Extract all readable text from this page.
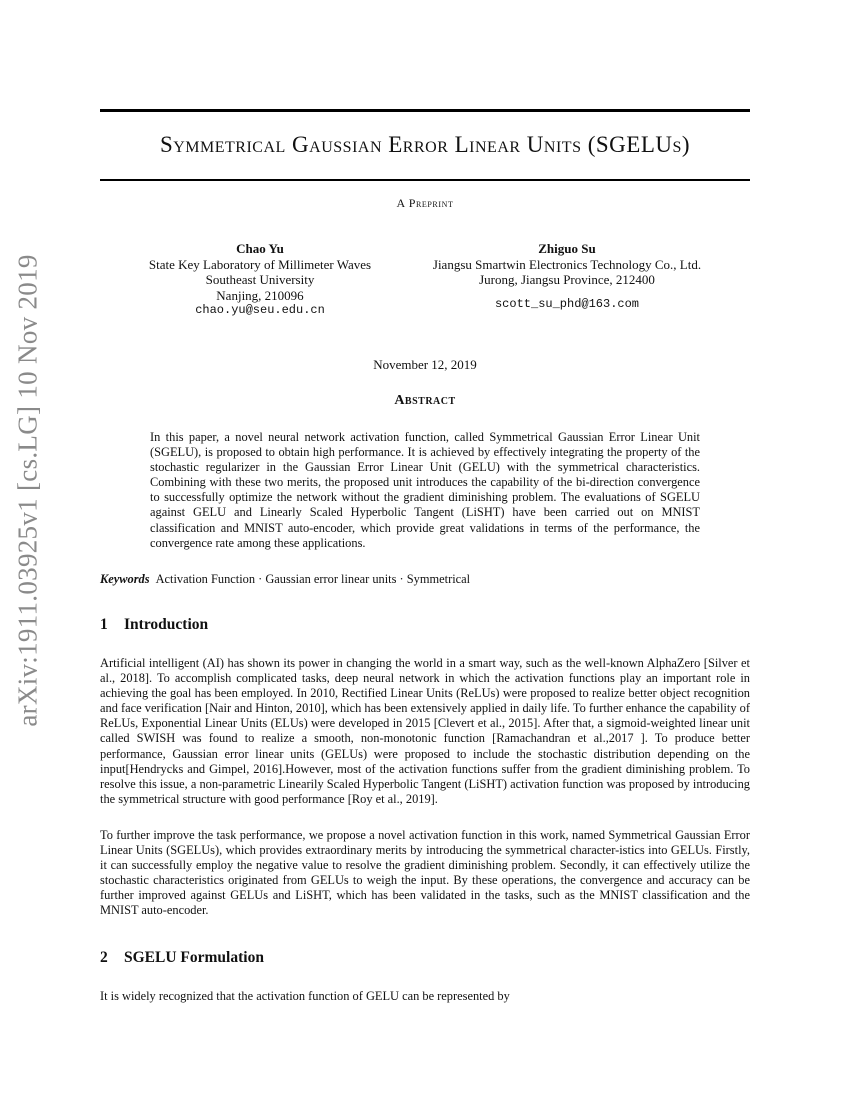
arXiv:1911.03925v1 [cs.LG] 10 Nov 2019
Symmetrical Gaussian Error Linear Units (SGELUs)
A Preprint
Chao Yu
State Key Laboratory of Millimeter Waves
Southeast University
Nanjing, 210096
chao.yu@seu.edu.cn
Zhiguo Su
Jiangsu Smartwin Electronics Technology Co., Ltd.
Jurong, Jiangsu Province, 212400
scott_su_phd@163.com
November 12, 2019
Abstract

In this paper, a novel neural network activation function, called Symmetrical Gaussian Error Linear Unit (SGELU), is proposed to obtain high performance. It is achieved by effectively integrating the property of the stochastic regularizer in the Gaussian Error Linear Unit (GELU) with the symmetrical characteristics. Combining with these two merits, the proposed unit introduces the capability of the bi-direction convergence to successfully optimize the network without the gradient diminishing problem. The evaluations of SGELU against GELU and Linearly Scaled Hyperbolic Tangent (LiSHT) have been carried out on MNIST classification and MNIST auto-encoder, which provide great validations in terms of the performance, the convergence rate among these applications.

Keywords Activation Function · Gaussian error linear units · Symmetrical
1 Introduction

Artificial intelligent (AI) has shown its power in changing the world in a smart way, such as the well-known AlphaZero [Silver et al., 2018]. To accomplish complicated tasks, deep neural network in which the activation functions play an important role in achieving the goal has been employed. In 2010, Rectified Linear Units (ReLUs) were proposed to realize better object recognition and face verification [Nair and Hinton, 2010], which has been extensively applied in daily life. To further enhance the capability of ReLUs, Exponential Linear Units (ELUs) were developed in 2015 [Clevert et al., 2015]. After that, a sigmoid-weighted linear unit called SWISH was found to realize a smooth, non-monotonic function [Ramachandran et al.,2017 ]. To produce better performance, Gaussian error linear units (GELUs) were proposed to include the stochastic distribution depending on the input[Hendrycks and Gimpel, 2016].However, most of the activation functions suffer from the gradient diminishing problem. To resolve this issue, a non-parametric Linearily Scaled Hyperbolic Tangent (LiSHT) activation function was proposed by introducing the symmetrical structure with good performance [Roy et al., 2019].

To further improve the task performance, we propose a novel activation function in this work, named Symmetrical Gaussian Error Linear Units (SGELUs), which provides extraordinary merits by introducing the symmetrical character-istics into GELUs. Firstly, it can successfully employ the negative value to resolve the gradient diminishing problem. Secondly, it can effectively utilize the stochastic characteristics originated from GELUs to weigh the input. By these operations, the convergence and accuracy can be further improved against GELUs and LiSHT, which has been validated in the tasks, such as the MNIST classification and the MNIST auto-encoder.

2 SGELU Formulation

It is widely recognized that the activation function of GELU can be represented by
